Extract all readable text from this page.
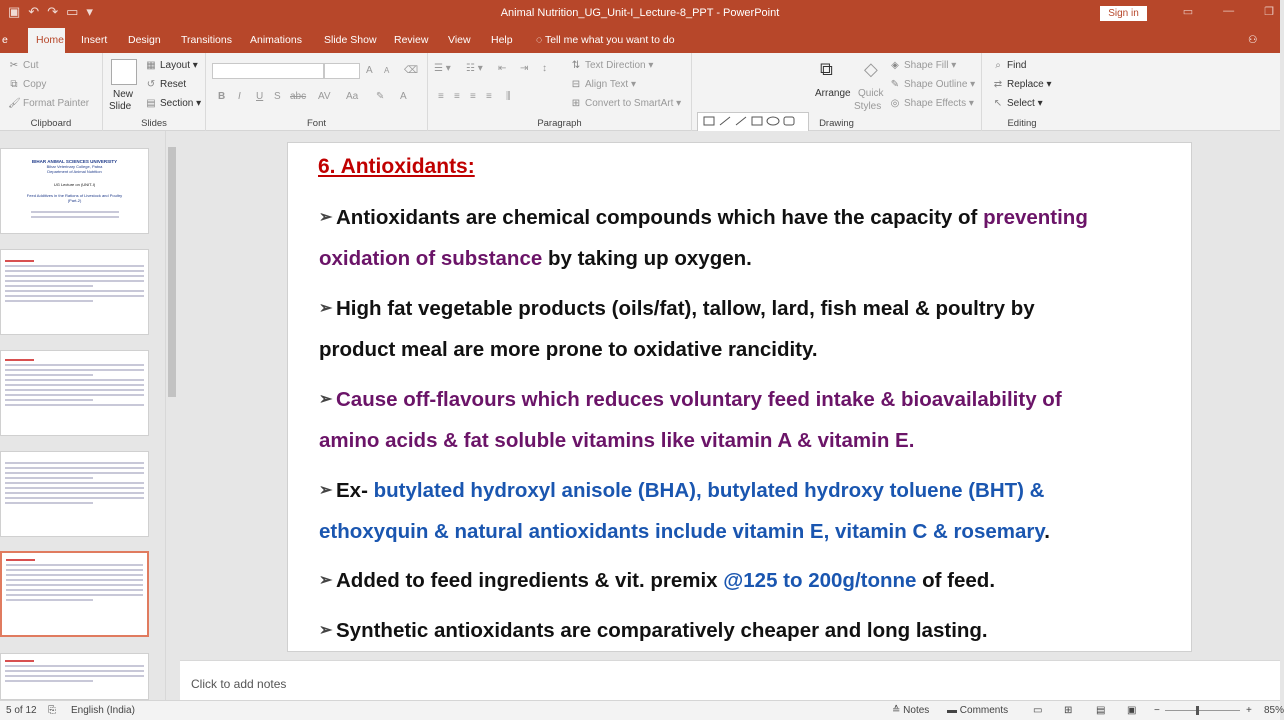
▣ ↶ ↷ ▭ ▾	Animal Nutrition_UG_Unit-I_Lecture-8_PPT - PowerPoint	Sign in	▭	—	❐
e	Home	Insert	Design	Transitions	Animations	Slide Show	Review	View	Help	◌ Tell me what you want to do	⚇
✂ Cut
⧉ Copy
🖌 Format Painter
Clipboard
New
Slide
▦ Layout ▾
↺ Reset
▤ Section ▾
Slides
A A ⌫
B I U S abc AV Aa ✎ A
Font
☰ ▾ ☷ ▾ ⇤ ⇥ ↕ ⇅ Text Direction ▾
≡ ≡ ≡ ≡ ⫼
⊟ Align Text ▾
⊞ Convert to SmartArt ▾
Paragraph	Drawing
⧉
Arrange
◇
Quick
Styles
◈ Shape Fill ▾
✎ Shape Outline ▾
◎ Shape Effects ▾
⌕ Find
⇄ Replace ▾
↖ Select ▾
Editing
BIHAR ANIMAL SCIENCES UNIVERSITY
Bihar Veterinary College, Patna
Department of Animal Nutrition
UG Lecture on (UNIT-I)
Feed Additives in the Rations of Livestock and Poultry
(Part-2)
6. Antioxidants:
➢ Antioxidants are chemical compounds which have the capacity of preventing
oxidation of substance by taking up oxygen.
➢ High fat vegetable products (oils/fat), tallow, lard, fish meal & poultry by
product meal are more prone to oxidative rancidity.
➢ Cause off-flavours which reduces voluntary feed intake & bioavailability of
amino acids & fat soluble vitamins like vitamin A & vitamin E.
➢ Ex- butylated hydroxyl anisole (BHA), butylated hydroxy toluene (BHT) &
ethoxyquin & natural antioxidants include vitamin E, vitamin C & rosemary.
➢ Added to feed ingredients & vit. premix @125 to 200g/tonne of feed.
➢ Synthetic antioxidants are comparatively cheaper and long lasting.
Click to add notes
5 of 12 ⎘ English (India)	≙ Notes ▬ Comments ▭ ⊞ ▤ ▣ −	+ 85%
